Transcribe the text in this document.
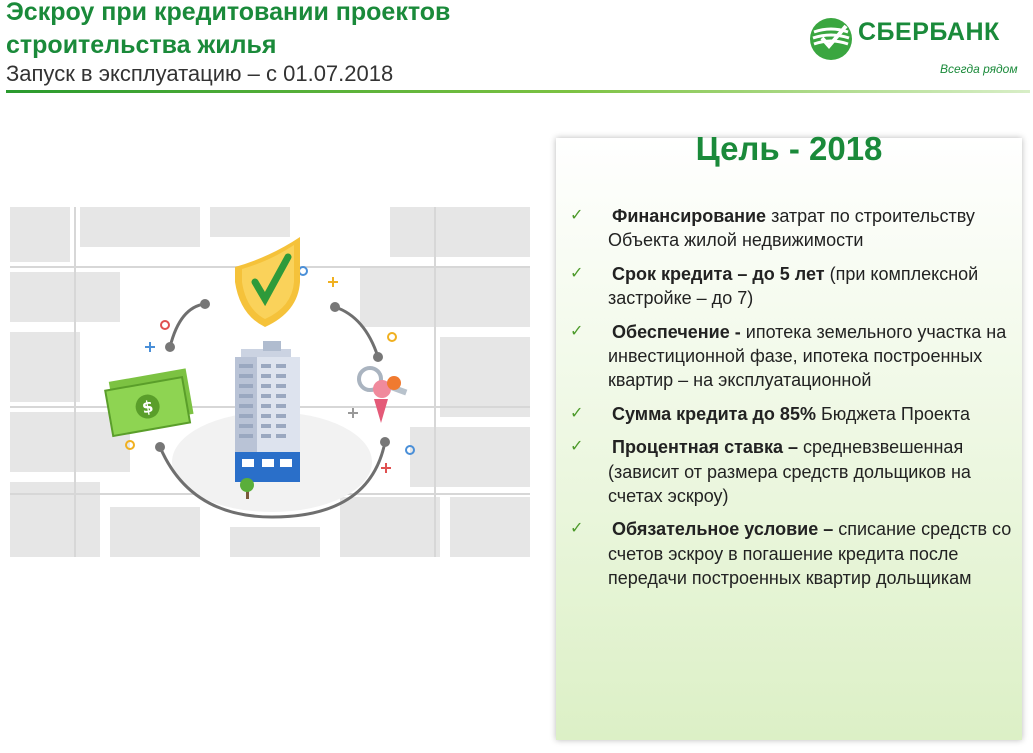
Эскроу при кредитовании проектов
строительства жилья
Запуск в эксплуатацию – с 01.07.2018
СБЕРБАНК
Всегда рядом
$
Цель - 2018
✓ Финансирование затрат по строительству Объекта жилой недвижимости
✓ Срок кредита – до 5 лет (при комплексной застройке – до 7)
✓ Обеспечение - ипотека земельного участка на инвестиционной фазе, ипотека построенных квартир – на эксплуатационной
✓ Сумма кредита до 85% Бюджета Проекта
✓ Процентная ставка – средневзвешенная (зависит от размера средств дольщиков на счетах эскроу)
✓ Обязательное условие – списание средств со счетов эскроу в погашение кредита после передачи построенных квартир дольщикам
